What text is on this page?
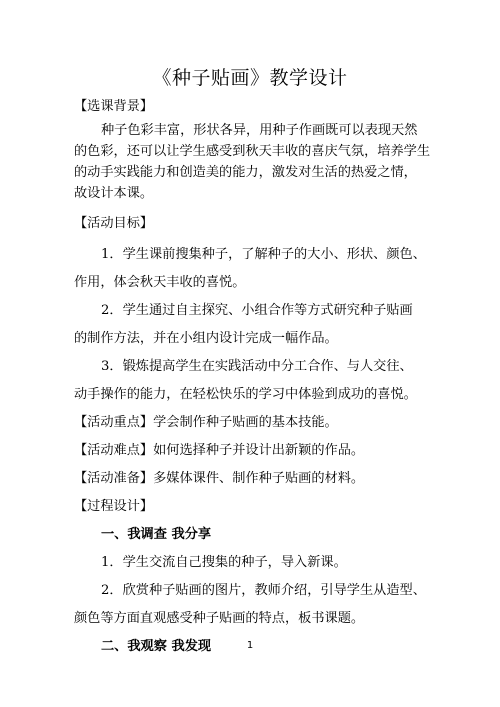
《种子贴画》教学设计
【选课背景】
种子色彩丰富，形状各异，用种子作画既可以表现天然
的色彩，还可以让学生感受到秋天丰收的喜庆气氛，培养学生
的动手实践能力和创造美的能力，激发对生活的热爱之情，
故设计本课。
【活动目标】
1．学生课前搜集种子，了解种子的大小、形状、颜色、
作用，体会秋天丰收的喜悦。
2．学生通过自主探究、小组合作等方式研究种子贴画
的制作方法，并在小组内设计完成一幅作品。
3．锻炼提高学生在实践活动中分工合作、与人交往、
动手操作的能力，在轻松快乐的学习中体验到成功的喜悦。
【活动重点】学会制作种子贴画的基本技能。
【活动难点】如何选择种子并设计出新颖的作品。
【活动准备】多媒体课件、制作种子贴画的材料。
【过程设计】
一、我调查 我分享
1．学生交流自己搜集的种子，导入新课。
2．欣赏种子贴画的图片，教师介绍，引导学生从造型、
颜色等方面直观感受种子贴画的特点，板书课题。
二、我观察 我发现	1
